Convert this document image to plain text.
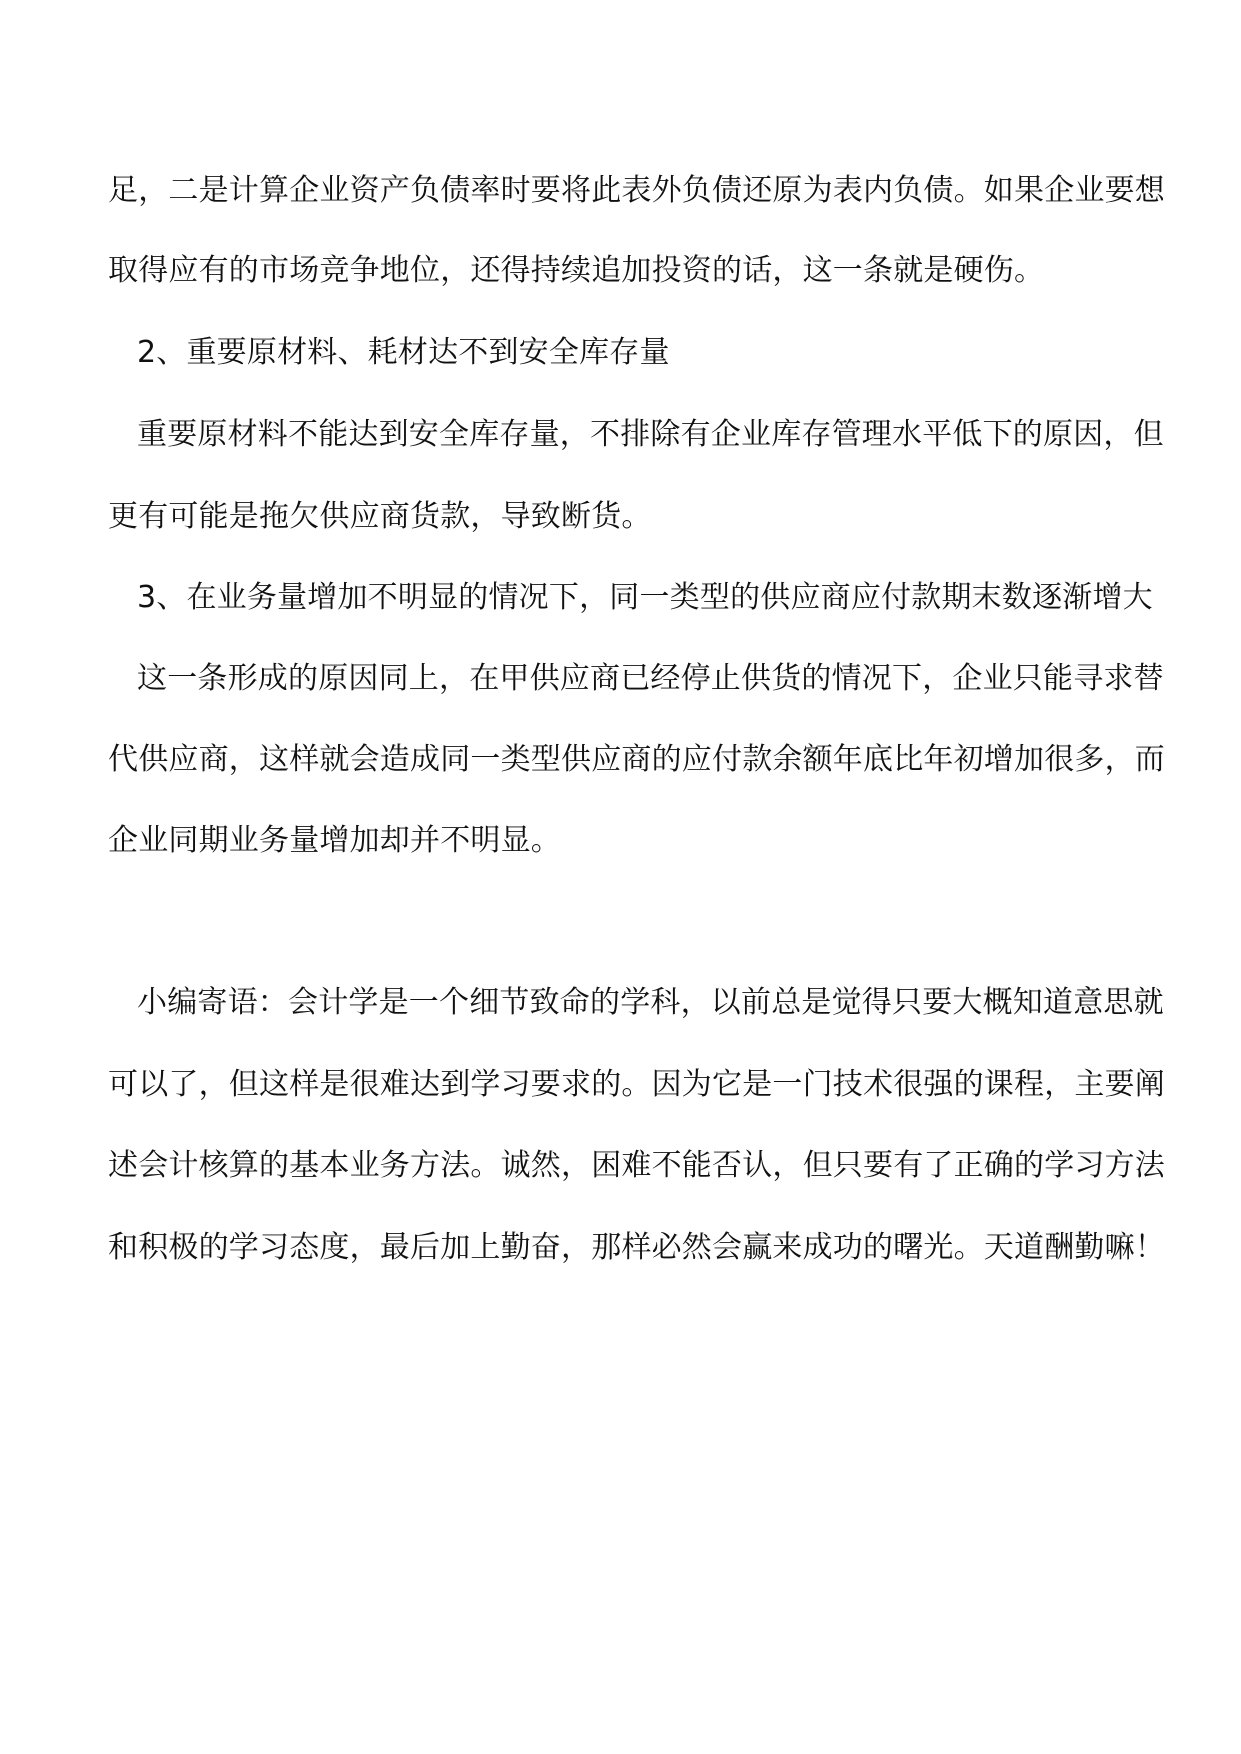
足，二是计算企业资产负债率时要将此表外负债还原为表内负债。如果企业要想
取得应有的市场竞争地位，还得持续追加投资的话，这一条就是硬伤。
2、重要原材料、耗材达不到安全库存量
重要原材料不能达到安全库存量，不排除有企业库存管理水平低下的原因，但
更有可能是拖欠供应商货款，导致断货。
3、在业务量增加不明显的情况下，同一类型的供应商应付款期末数逐渐增大
这一条形成的原因同上，在甲供应商已经停止供货的情况下，企业只能寻求替
代供应商，这样就会造成同一类型供应商的应付款余额年底比年初增加很多，而
企业同期业务量增加却并不明显。
小编寄语：会计学是一个细节致命的学科，以前总是觉得只要大概知道意思就
可以了，但这样是很难达到学习要求的。因为它是一门技术很强的课程，主要阐
述会计核算的基本业务方法。诚然，困难不能否认，但只要有了正确的学习方法
和积极的学习态度，最后加上勤奋，那样必然会赢来成功的曙光。天道酬勤嘛！
